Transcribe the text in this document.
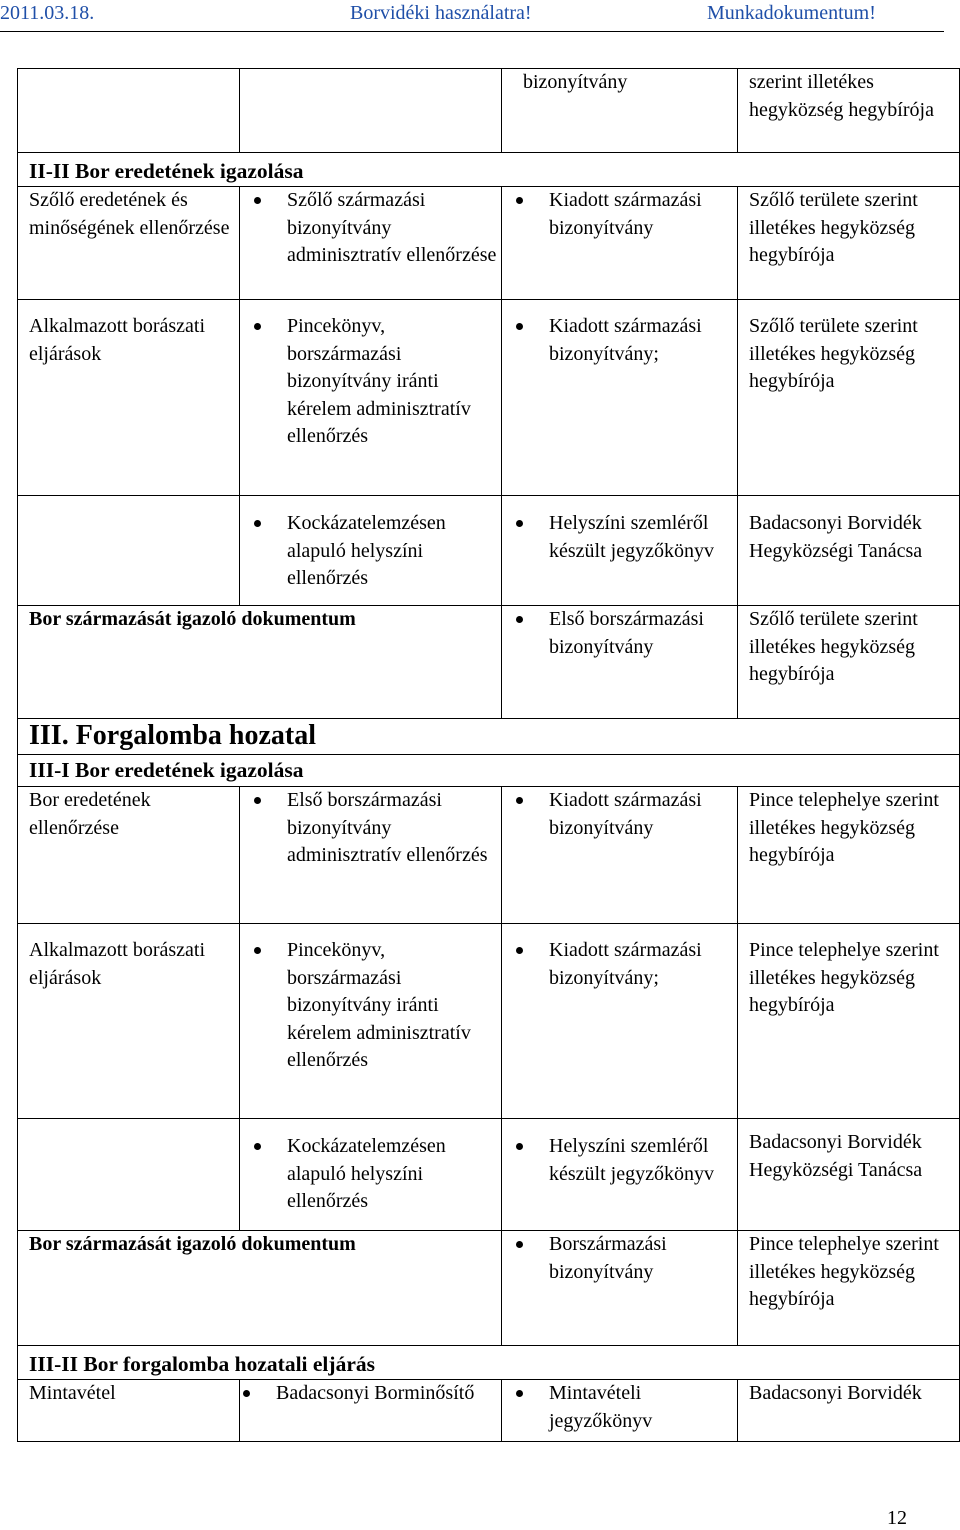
2011.03.18.	Borvidéki használatra!	Munkadokumentum!

		bizonyítvány	szerint illetékes hegyközség hegybírója
II-II Bor eredetének igazolása			
Szőlő eredetének és minőségének ellenőrzése	Szőlő származási bizonyítvány adminisztratív ellenőrzése	Kiadott származási bizonyítvány	Szőlő területe szerint illetékes hegyközség hegybírója
Alkalmazott borászati eljárások	Pincekönyv, borszármazási bizonyítvány iránti kérelem adminisztratív ellenőrzés	Kiadott származási bizonyítvány;	Szőlő területe szerint illetékes hegyközség hegybírója

	Kockázatelemzésen alapuló helyszíni ellenőrzés	Helyszíni szemléről készült jegyzőkönyv	Badacsonyi Borvidék Hegyközségi Tanácsa
Bor származását igazoló dokumentum		Első borszármazási bizonyítvány	Szőlő területe szerint illetékes hegyközség hegybírója
III. Forgalomba hozatal			
III-I Bor eredetének igazolása			
Bor eredetének ellenőrzése	Első borszármazási bizonyítvány adminisztratív ellenőrzés	Kiadott származási bizonyítvány	Pince telephelye szerint illetékes hegyközség hegybírója
Alkalmazott borászati eljárások	Pincekönyv, borszármazási bizonyítvány iránti kérelem adminisztratív ellenőrzés	Kiadott származási bizonyítvány;	Pince telephelye szerint illetékes hegyközség hegybírója

	Kockázatelemzésen alapuló helyszíni ellenőrzés	Helyszíni szemléről készült jegyzőkönyv	Badacsonyi Borvidék Hegyközségi Tanácsa
Bor származását igazoló dokumentum		Borszármazási bizonyítvány	Pince telephelye szerint illetékes hegyközség hegybírója
III-II Bor forgalomba hozatali eljárás			
Mintavétel	Badacsonyi Borminősítő	Mintavételi jegyzőkönyv	Badacsonyi Borvidék
12
